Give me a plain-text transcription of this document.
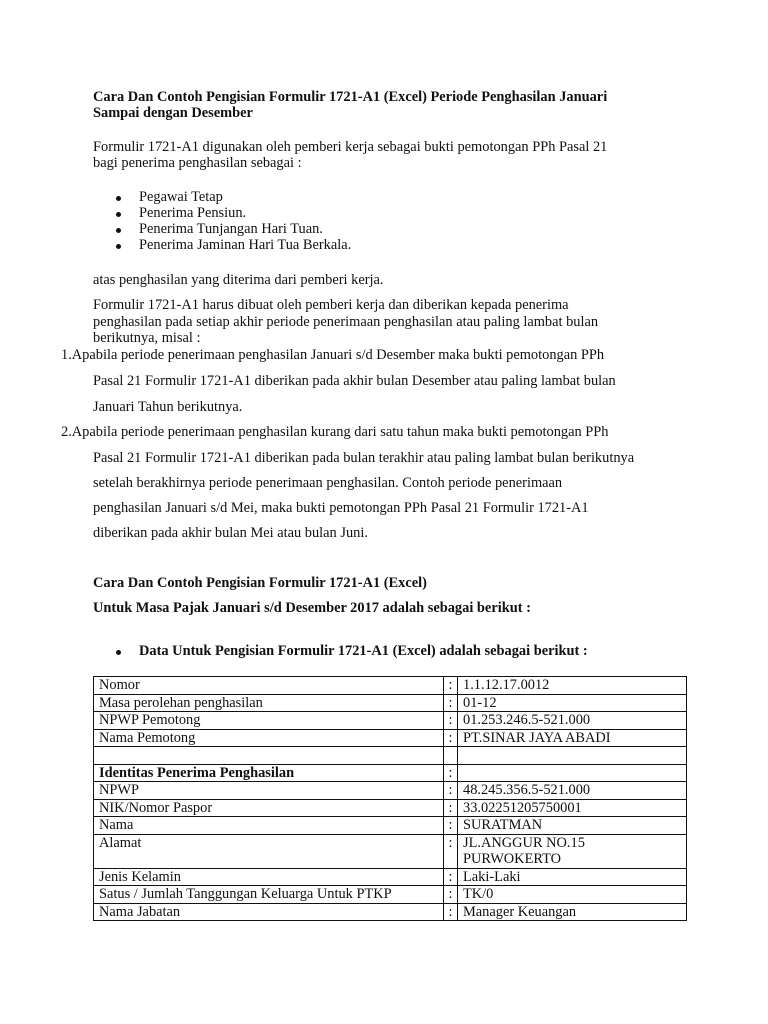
Cara Dan Contoh Pengisian Formulir 1721-A1 (Excel) Periode Penghasilan Januari
Sampai dengan Desember
Formulir 1721-A1 digunakan oleh pemberi kerja sebagai bukti pemotongan PPh Pasal 21
bagi penerima penghasilan sebagai :
Pegawai Tetap
Penerima Pensiun.
Penerima Tunjangan Hari Tuan.
Penerima Jaminan Hari Tua Berkala.
atas penghasilan yang diterima dari pemberi kerja.
Formulir 1721-A1 harus dibuat oleh pemberi kerja dan diberikan kepada penerima
penghasilan pada setiap akhir periode penerimaan penghasilan atau paling lambat bulan
berikutnya, misal :
1.Apabila periode penerimaan penghasilan Januari s/d Desember maka bukti pemotongan PPh
Pasal 21 Formulir 1721-A1 diberikan pada akhir bulan Desember atau paling lambat bulan
Januari Tahun berikutnya.
2.Apabila periode penerimaan penghasilan kurang dari satu tahun maka bukti pemotongan PPh
Pasal 21 Formulir 1721-A1 diberikan pada bulan terakhir atau paling lambat bulan berikutnya
setelah berakhirnya periode penerimaan penghasilan. Contoh periode penerimaan
penghasilan Januari s/d Mei, maka bukti pemotongan PPh Pasal 21 Formulir 1721-A1
diberikan pada akhir bulan Mei atau bulan Juni.
Cara Dan Contoh Pengisian Formulir 1721-A1 (Excel)
Untuk Masa Pajak Januari s/d Desember 2017 adalah sebagai berikut :
Data Untuk Pengisian Formulir 1721-A1 (Excel) adalah sebagai berikut :
Nomor	:	1.1.12.17.0012
Masa perolehan penghasilan	:	01-12
NPWP Pemotong	:	01.253.246.5-521.000
Nama Pemotong	:	PT.SINAR JAYA ABADI

Identitas Penerima Penghasilan	:	
NPWP	:	48.245.356.5-521.000
NIK/Nomor Paspor	:	33.02251205750001
Nama	:	SURATMAN
Alamat	:	JL.ANGGUR NO.15
PURWOKERTO

Jenis Kelamin	:	Laki-Laki
Satus / Jumlah Tanggungan Keluarga Untuk PTKP	:	TK/0
Nama Jabatan	:	Manager Keuangan
